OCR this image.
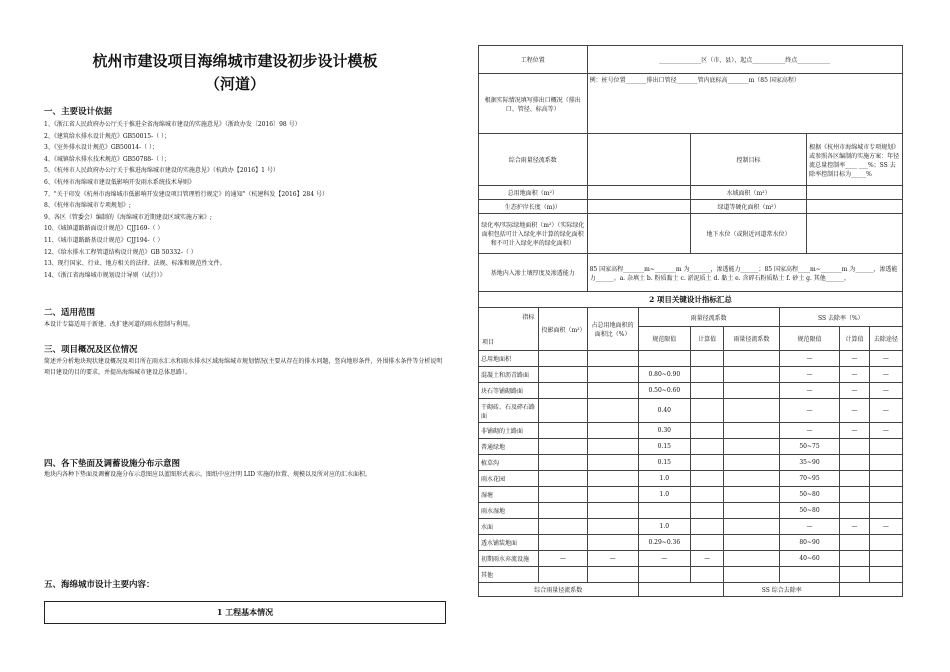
杭州市建设项目海绵城市建设初步设计模板
（河道）
一、主要设计依据
1、《浙江省人民政府办公厅关于推进全省海绵城市建设的实施意见》（浙政办发〔2016〕98 号）
2、《建筑给水排水设计规范》GB50015-（ ）；
3、《室外排水设计规范》GB50014-（ ）；
4、《城镇给水排水技术规范》GB50788-（ ）；
5、《杭州市人民政府办公厅关于推进海绵城市建设的实施意见》（杭政办【2016】1 号）
6、《杭州市海绵城市建设低影响开发雨水系统技术导则》
7、"关于印发《杭州市海绵城市低影响开发建设项目管理暂行规定》的通知"（杭建科发【2016】284 号）
8、《杭州市海绵城市专项规划》;
9、各区（管委会）编制的《海绵城市近期建设区域实施方案》;
10、《城镇道路路面设计规范》CJJ169-（ ）
11、《城市道路路基设计规范》CJJ194-（ ）
12、《给水排水工程管道结构设计规范》GB 50332-（ ）
13、现行国家、行业、地方相关的法律、法规、标准和规范性文件。
14、《浙江省海绵城市规划设计导则（试行）》
二、适用范围
本设计专篇适用于新建、改扩建河道的雨水控制与利用。
三、项目概况及区位情况
简述并分析地块现状建设概况及项目所在雨水汇水和雨水排水区域海绵城市规划情况(主要从存在的排水问题，竖向地形条件，外围排水条件等分析说明项目建设的目的要求，并提出海绵城市建设总体思路）。
四、各下垫面及调蓄设施分布示意图
地块内各种下垫面及调蓄设施分布示意图应以蓝图形式表示，图纸中应注明 LID 实施的位置、规模以及所对应的汇水面积。
五、海绵城市设计主要内容：
1 工程基本情况
工程位置		______________区（市、县），起点___________终点___________							
根据实际情况填写排出口概况（排出口、管径、标高等）		例：桩号位置_______排出口管径_______管内底标高_______m（85 国家高程）							
综合雨量径流系数				控制目标			根据《杭州市海绵城市专项规划》或参照各区编制的实施方案：年径流总量控制率____ ___%；SS 去除率控制目标为_____%		
总用地面积（m²）				水域面积（m²）					
生态护岸长度（m)）				绿道等硬化面积（m²）					
绿化率/实际绿地面积（m²）（实际绿化面积包括可计入绿化率计算的绿化面积和不可计入绿化率的绿化面积）				地下水位（或附近河道常水位）					
基地内入渗土壤厚度及渗透能力		85 国家高程_______m~_______m 为_______，渗透能力______；85 国家高程____m~_______m 为______，渗透能力______。a. 杂填土 b. 粉质黏土 c. 淤泥质土 d. 黏土 e. 含碎石粉质粘土 f. 砂土 g. 其他______。							
2 项目关键设计指标汇总									

指标
项目	投影面积（m²）	占总用地面积的面积比（%）	雨量径流系数			SS 去除率（%）			
			规范限值	计算值	雨量径流系数	规范限值		计算值	去除途径
总用地面积						—		—	—
混凝土和沥青路面			0.80~0.90			—		—	—
块石等铺砌路面			0.50~0.60			—		—	—
干砌砖、石及碎石路面			0.40			—		—	—
非铺砌的土路面			0.30			—		—	—
普通绿地			0.15			50~75			
植草沟			0.15			35~90			
雨水花园			1.0			70~95			
湿塘			1.0			50~80			
雨水湿地						50~80			
水面			1.0			—		—	—
透水铺装地面			0.29~0.36			80~90			
初期雨水弃流设施	—	—	—	—		40~60			
其他									
综合雨量径流系数					SS 综合去除率				
